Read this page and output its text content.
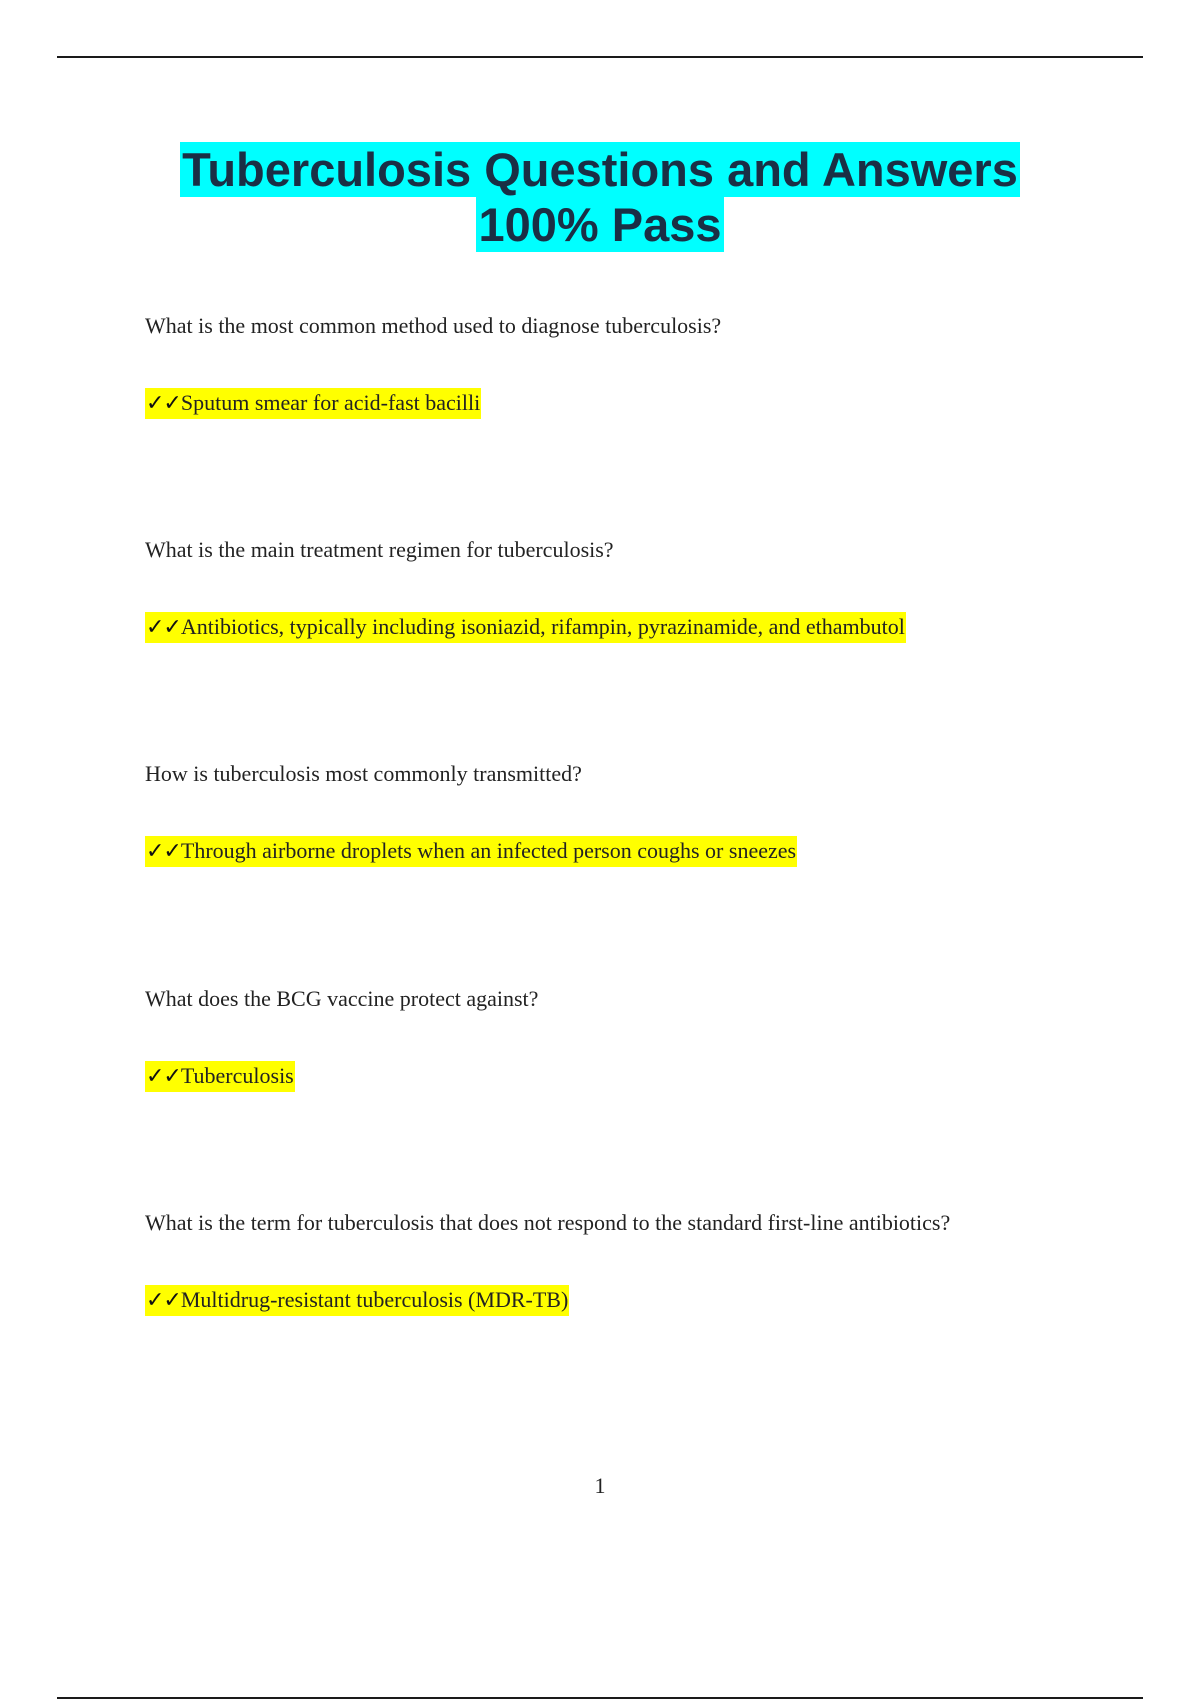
Tuberculosis Questions and Answers
100% Pass

What is the most common method used to diagnose tuberculosis?

✓✓Sputum smear for acid-fast bacilli

What is the main treatment regimen for tuberculosis?

✓✓Antibiotics, typically including isoniazid, rifampin, pyrazinamide, and ethambutol

How is tuberculosis most commonly transmitted?

✓✓Through airborne droplets when an infected person coughs or sneezes

What does the BCG vaccine protect against?

✓✓Tuberculosis

What is the term for tuberculosis that does not respond to the standard first-line antibiotics?

✓✓Multidrug-resistant tuberculosis (MDR-TB)

1
